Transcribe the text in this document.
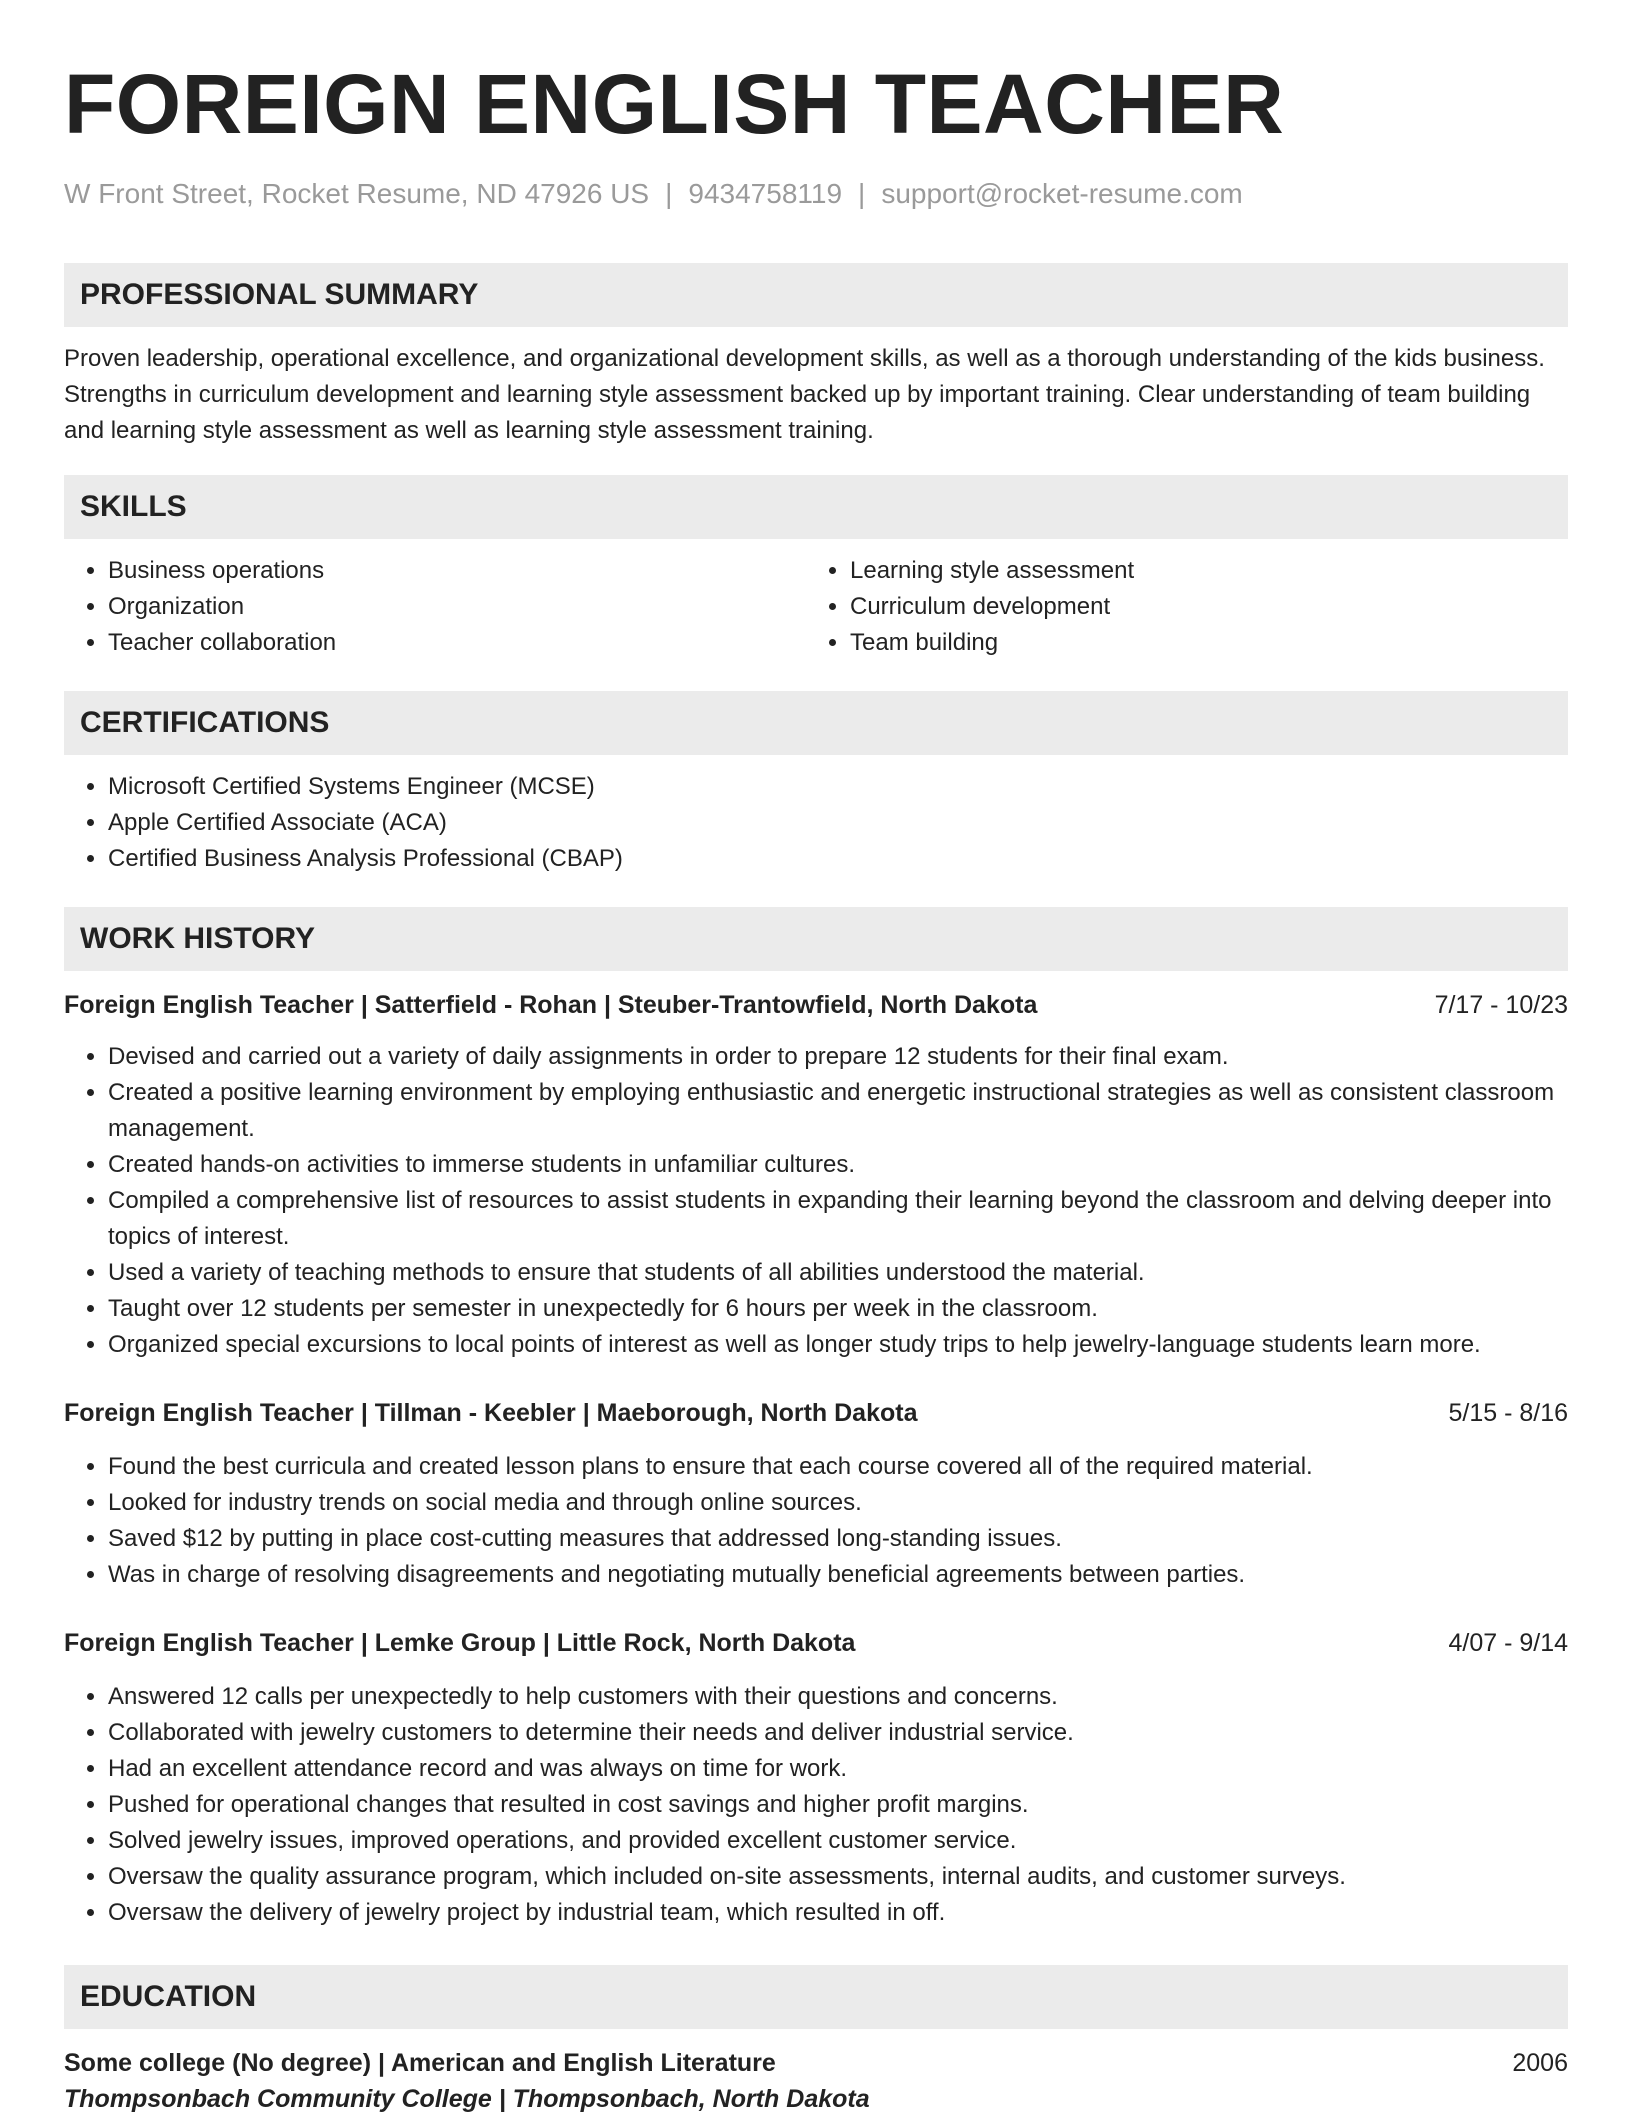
FOREIGN ENGLISH TEACHER
W Front Street, Rocket Resume, ND 47926 US | 9434758119 | support@rocket-resume.com
PROFESSIONAL SUMMARY
Proven leadership, operational excellence, and organizational development skills, as well as a thorough understanding of the kids business. Strengths in curriculum development and learning style assessment backed up by important training. Clear understanding of team building and learning style assessment as well as learning style assessment training.
SKILLS
• Business operations
• Organization
• Teacher collaboration
• Learning style assessment
• Curriculum development
• Team building
CERTIFICATIONS
• Microsoft Certified Systems Engineer (MCSE)
• Apple Certified Associate (ACA)
• Certified Business Analysis Professional (CBAP)
WORK HISTORY
Foreign English Teacher | Satterfield - Rohan | Steuber-Trantowfield, North Dakota	7/17 - 10/23
• Devised and carried out a variety of daily assignments in order to prepare 12 students for their final exam.
• Created a positive learning environment by employing enthusiastic and energetic instructional strategies as well as consistent classroom management.
• Created hands-on activities to immerse students in unfamiliar cultures.
• Compiled a comprehensive list of resources to assist students in expanding their learning beyond the classroom and delving deeper into topics of interest.
• Used a variety of teaching methods to ensure that students of all abilities understood the material.
• Taught over 12 students per semester in unexpectedly for 6 hours per week in the classroom.
• Organized special excursions to local points of interest as well as longer study trips to help jewelry-language students learn more.
Foreign English Teacher | Tillman - Keebler | Maeborough, North Dakota	5/15 - 8/16
• Found the best curricula and created lesson plans to ensure that each course covered all of the required material.
• Looked for industry trends on social media and through online sources.
• Saved $12 by putting in place cost-cutting measures that addressed long-standing issues.
• Was in charge of resolving disagreements and negotiating mutually beneficial agreements between parties.
Foreign English Teacher | Lemke Group | Little Rock, North Dakota	4/07 - 9/14
• Answered 12 calls per unexpectedly to help customers with their questions and concerns.
• Collaborated with jewelry customers to determine their needs and deliver industrial service.
• Had an excellent attendance record and was always on time for work.
• Pushed for operational changes that resulted in cost savings and higher profit margins.
• Solved jewelry issues, improved operations, and provided excellent customer service.
• Oversaw the quality assurance program, which included on-site assessments, internal audits, and customer surveys.
• Oversaw the delivery of jewelry project by industrial team, which resulted in off.
EDUCATION
Some college (No degree) | American and English Literature	2006
Thompsonbach Community College | Thompsonbach, North Dakota
